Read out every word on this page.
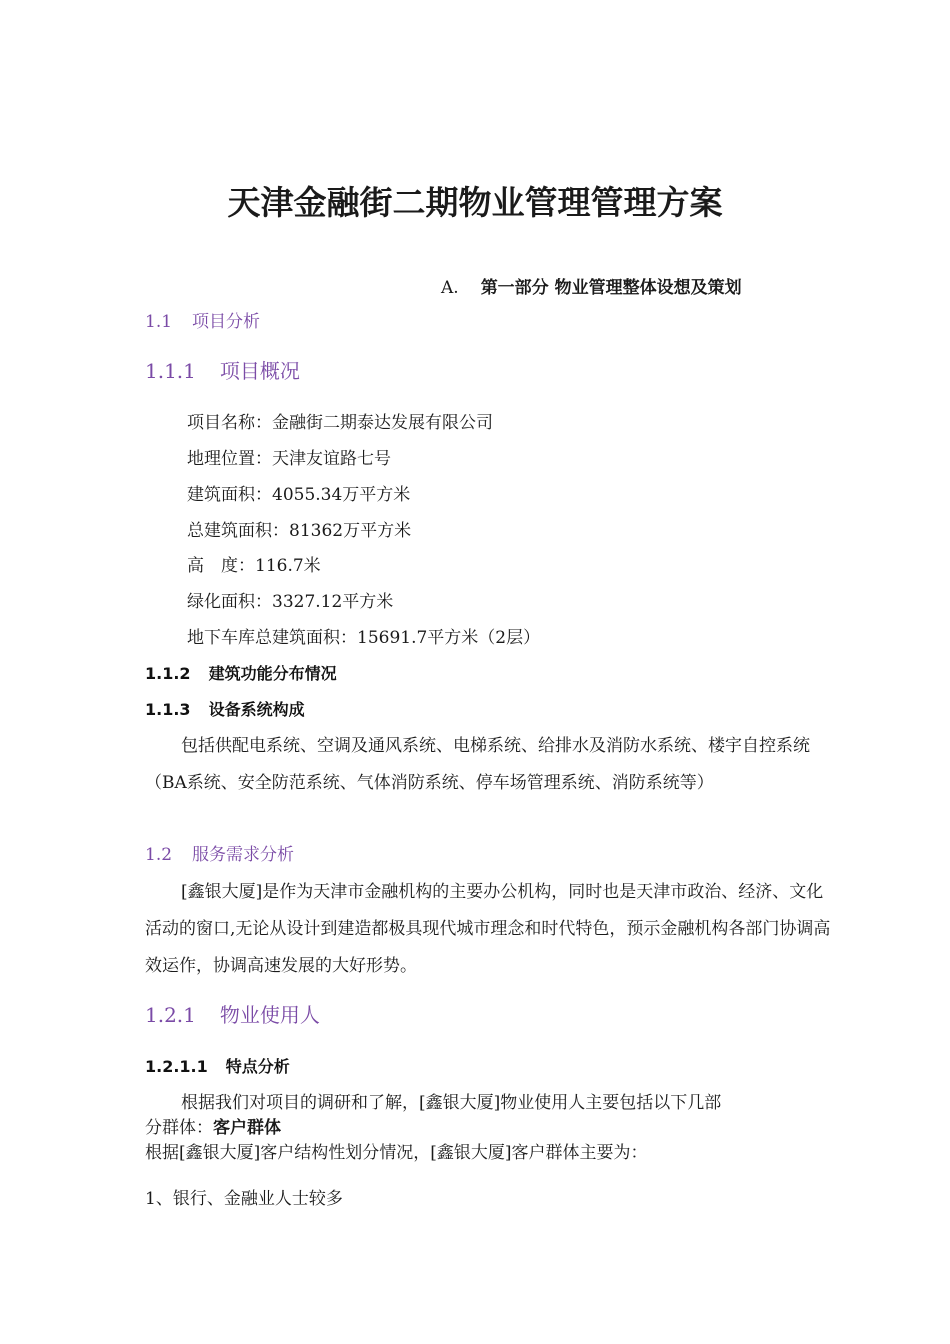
天津金融街二期物业管理管理方案
A. 第一部分 物业管理整体设想及策划
1.1 项目分析
1.1.1 项目概况
项目名称：金融街二期泰达发展有限公司
地理位置：天津友谊路七号
建筑面积：4055.34万平方米
总建筑面积：81362万平方米
高　度：116.7米
绿化面积：3327.12平方米
地下车库总建筑面积：15691.7平方米（2层）
1.1.2 建筑功能分布情况
1.1.3 设备系统构成

包括供配电系统、空调及通风系统、电梯系统、给排水及消防水系统、楼宇自控系统（BA系统、安全防范系统、气体消防系统、停车场管理系统、消防系统等）

1.2 服务需求分析

[鑫银大厦]是作为天津市金融机构的主要办公机构，同时也是天津市政治、经济、文化活动的窗口,无论从设计到建造都极具现代城市理念和时代特色，预示金融机构各部门协调高效运作，协调高速发展的大好形势。

1.2.1 物业使用人
1.2.1.1 特点分析
根据我们对项目的调研和了解，[鑫银大厦]物业使用人主要包括以下几部
分群体：客户群体
根据[鑫银大厦]客户结构性划分情况，[鑫银大厦]客户群体主要为：
1、银行、金融业人士较多
